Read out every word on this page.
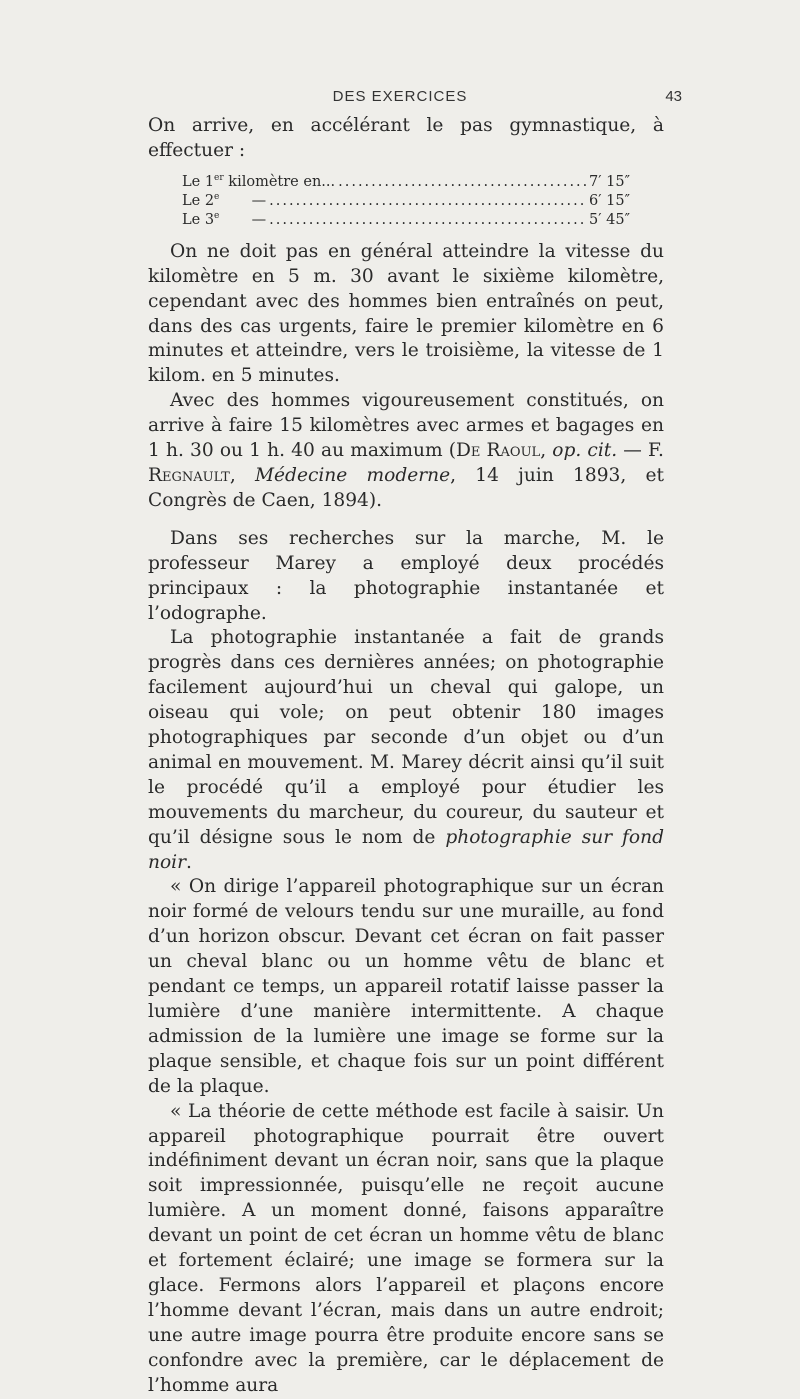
DES EXERCICES	43

On arrive, en accélérant le pas gymnastique, à effectuer :

Le 1er kilomètre en... .....	7′ 15″
Le 2e       — .....	6′ 15″
Le 3e       — .....	5′ 45″

On ne doit pas en général atteindre la vitesse du kilomètre en 5 m. 30 avant le sixième kilomètre, cependant avec des hommes bien entraînés on peut, dans des cas urgents, faire le premier kilomètre en 6 minutes et atteindre, vers le troisième, la vitesse de 1 kilom. en 5 minutes.

Avec des hommes vigoureusement constitués, on arrive à faire 15 kilomètres avec armes et bagages en 1 h. 30 ou 1 h. 40 au maximum (De Raoul, op. cit. — F. Regnault, Médecine moderne, 14 juin 1893, et Congrès de Caen, 1894).

Dans ses recherches sur la marche, M. le professeur Marey a employé deux procédés principaux : la photographie instantanée et l’odographe.

La photographie instantanée a fait de grands progrès dans ces dernières années; on photographie facilement aujourd’hui un cheval qui galope, un oiseau qui vole; on peut obtenir 180 images photographiques par seconde d’un objet ou d’un animal en mouvement. M. Marey décrit ainsi qu’il suit le procédé qu’il a employé pour étudier les mouvements du marcheur, du coureur, du sauteur et qu’il désigne sous le nom de photographie sur fond noir.

« On dirige l’appareil photographique sur un écran noir formé de velours tendu sur une muraille, au fond d’un horizon obscur. Devant cet écran on fait passer un cheval blanc ou un homme vêtu de blanc et pendant ce temps, un appareil rotatif laisse passer la lumière d’une manière intermittente. A chaque admission de la lumière une image se forme sur la plaque sensible, et chaque fois sur un point différent de la plaque.

« La théorie de cette méthode est facile à saisir. Un appareil photographique pourrait être ouvert indéfiniment devant un écran noir, sans que la plaque soit impressionnée, puisqu’elle ne reçoit aucune lumière. A un moment donné, faisons apparaître devant un point de cet écran un homme vêtu de blanc et fortement éclairé; une image se formera sur la glace. Fermons alors l’appareil et plaçons encore l’homme devant l’écran, mais dans un autre endroit; une autre image pourra être produite encore sans se confondre avec la première, car le déplacement de l’homme aura
